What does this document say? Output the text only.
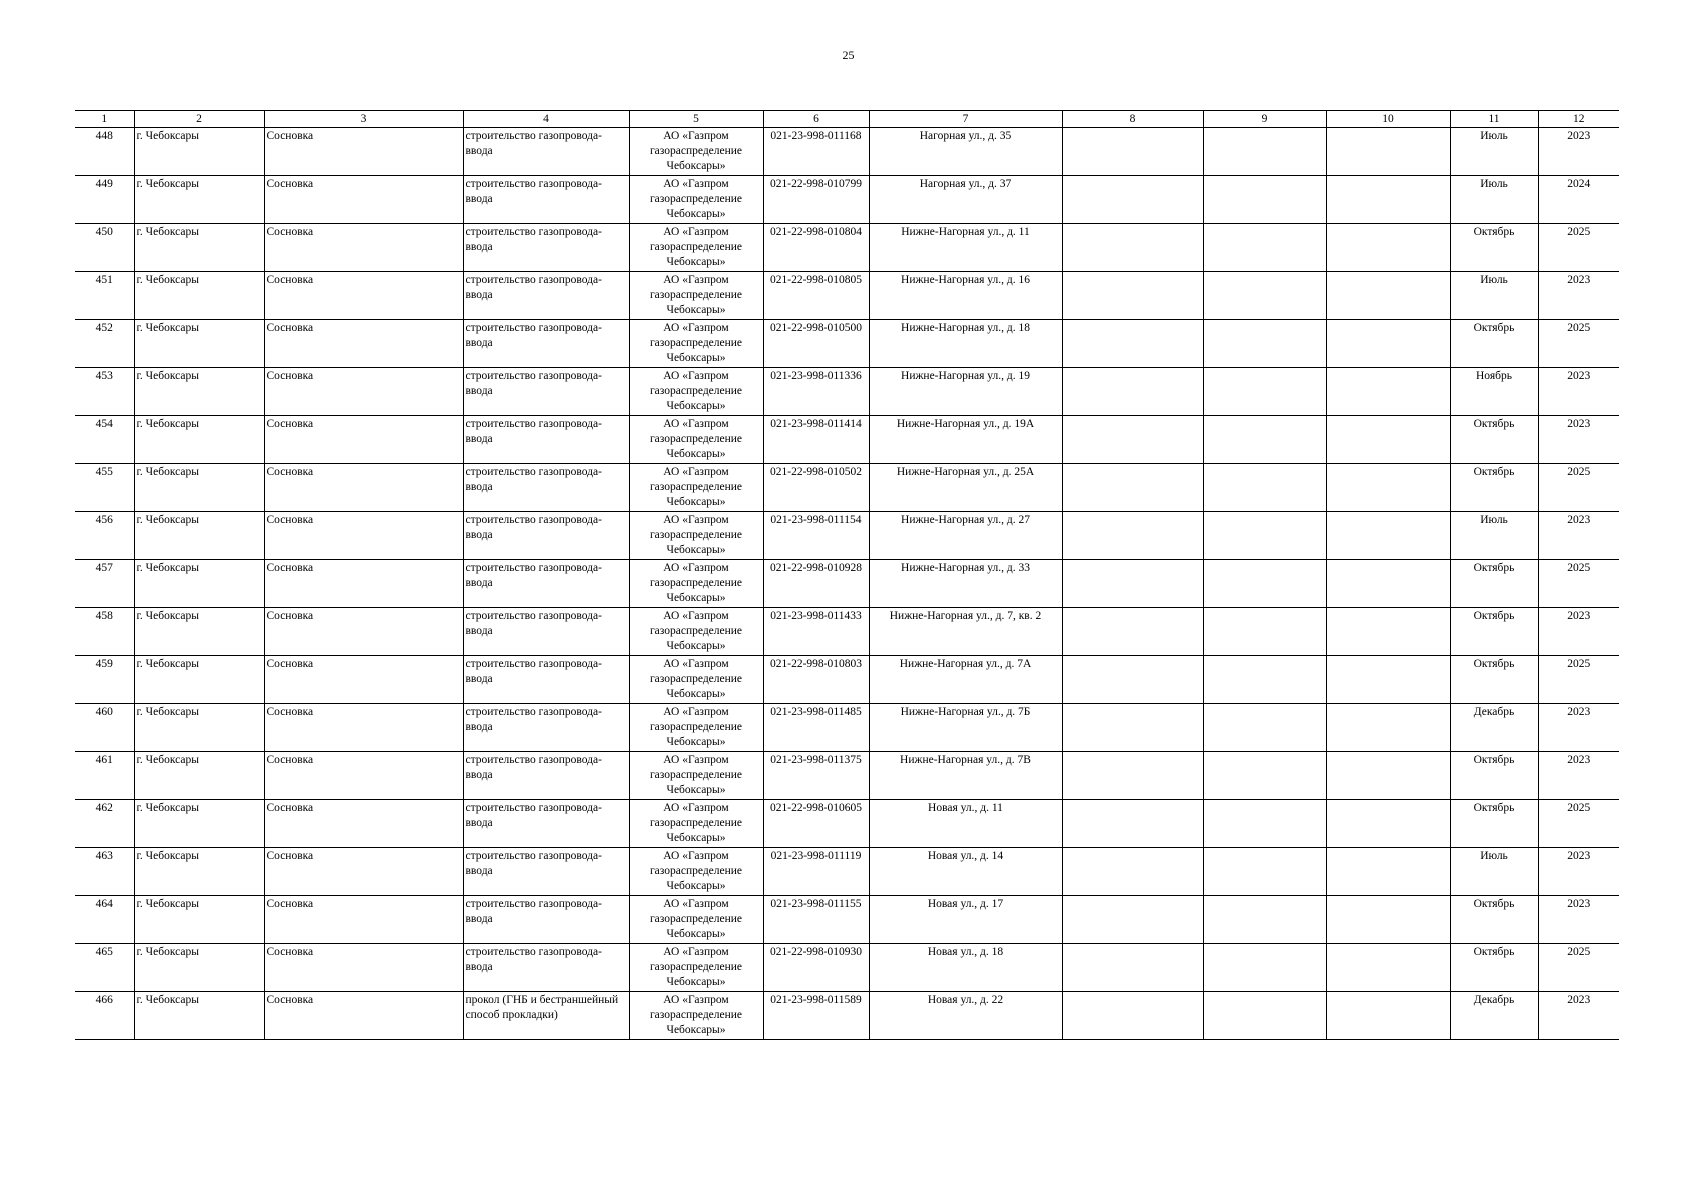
25
1	2	3	4	5	6	7	8	9	10	11	12
448	г. Чебоксары	Сосновка	строительство газопровода-ввода	АО «Газпром газораспределение Чебоксары»	021-23-998-011168	Нагорная ул., д. 35				Июль	2023
449	г. Чебоксары	Сосновка	строительство газопровода-ввода	АО «Газпром газораспределение Чебоксары»	021-22-998-010799	Нагорная ул., д. 37				Июль	2024
450	г. Чебоксары	Сосновка	строительство газопровода-ввода	АО «Газпром газораспределение Чебоксары»	021-22-998-010804	Нижне-Нагорная ул., д. 11				Октябрь	2025
451	г. Чебоксары	Сосновка	строительство газопровода-ввода	АО «Газпром газораспределение Чебоксары»	021-22-998-010805	Нижне-Нагорная ул., д. 16				Июль	2023
452	г. Чебоксары	Сосновка	строительство газопровода-ввода	АО «Газпром газораспределение Чебоксары»	021-22-998-010500	Нижне-Нагорная ул., д. 18				Октябрь	2025
453	г. Чебоксары	Сосновка	строительство газопровода-ввода	АО «Газпром газораспределение Чебоксары»	021-23-998-011336	Нижне-Нагорная ул., д. 19				Ноябрь	2023
454	г. Чебоксары	Сосновка	строительство газопровода-ввода	АО «Газпром газораспределение Чебоксары»	021-23-998-011414	Нижне-Нагорная ул., д. 19А				Октябрь	2023
455	г. Чебоксары	Сосновка	строительство газопровода-ввода	АО «Газпром газораспределение Чебоксары»	021-22-998-010502	Нижне-Нагорная ул., д. 25А				Октябрь	2025
456	г. Чебоксары	Сосновка	строительство газопровода-ввода	АО «Газпром газораспределение Чебоксары»	021-23-998-011154	Нижне-Нагорная ул., д. 27				Июль	2023
457	г. Чебоксары	Сосновка	строительство газопровода-ввода	АО «Газпром газораспределение Чебоксары»	021-22-998-010928	Нижне-Нагорная ул., д. 33				Октябрь	2025
458	г. Чебоксары	Сосновка	строительство газопровода-ввода	АО «Газпром газораспределение Чебоксары»	021-23-998-011433	Нижне-Нагорная ул., д. 7, кв. 2				Октябрь	2023
459	г. Чебоксары	Сосновка	строительство газопровода-ввода	АО «Газпром газораспределение Чебоксары»	021-22-998-010803	Нижне-Нагорная ул., д. 7А				Октябрь	2025
460	г. Чебоксары	Сосновка	строительство газопровода-ввода	АО «Газпром газораспределение Чебоксары»	021-23-998-011485	Нижне-Нагорная ул., д. 7Б				Декабрь	2023
461	г. Чебоксары	Сосновка	строительство газопровода-ввода	АО «Газпром газораспределение Чебоксары»	021-23-998-011375	Нижне-Нагорная ул., д. 7В				Октябрь	2023
462	г. Чебоксары	Сосновка	строительство газопровода-ввода	АО «Газпром газораспределение Чебоксары»	021-22-998-010605	Новая ул., д. 11				Октябрь	2025
463	г. Чебоксары	Сосновка	строительство газопровода-ввода	АО «Газпром газораспределение Чебоксары»	021-23-998-011119	Новая ул., д. 14				Июль	2023
464	г. Чебоксары	Сосновка	строительство газопровода-ввода	АО «Газпром газораспределение Чебоксары»	021-23-998-011155	Новая ул., д. 17				Октябрь	2023
465	г. Чебоксары	Сосновка	строительство газопровода-ввода	АО «Газпром газораспределение Чебоксары»	021-22-998-010930	Новая ул., д. 18				Октябрь	2025
466	г. Чебоксары	Сосновка	прокол (ГНБ и бестраншейный способ прокладки)	АО «Газпром газораспределение Чебоксары»	021-23-998-011589	Новая ул., д. 22				Декабрь	2023
